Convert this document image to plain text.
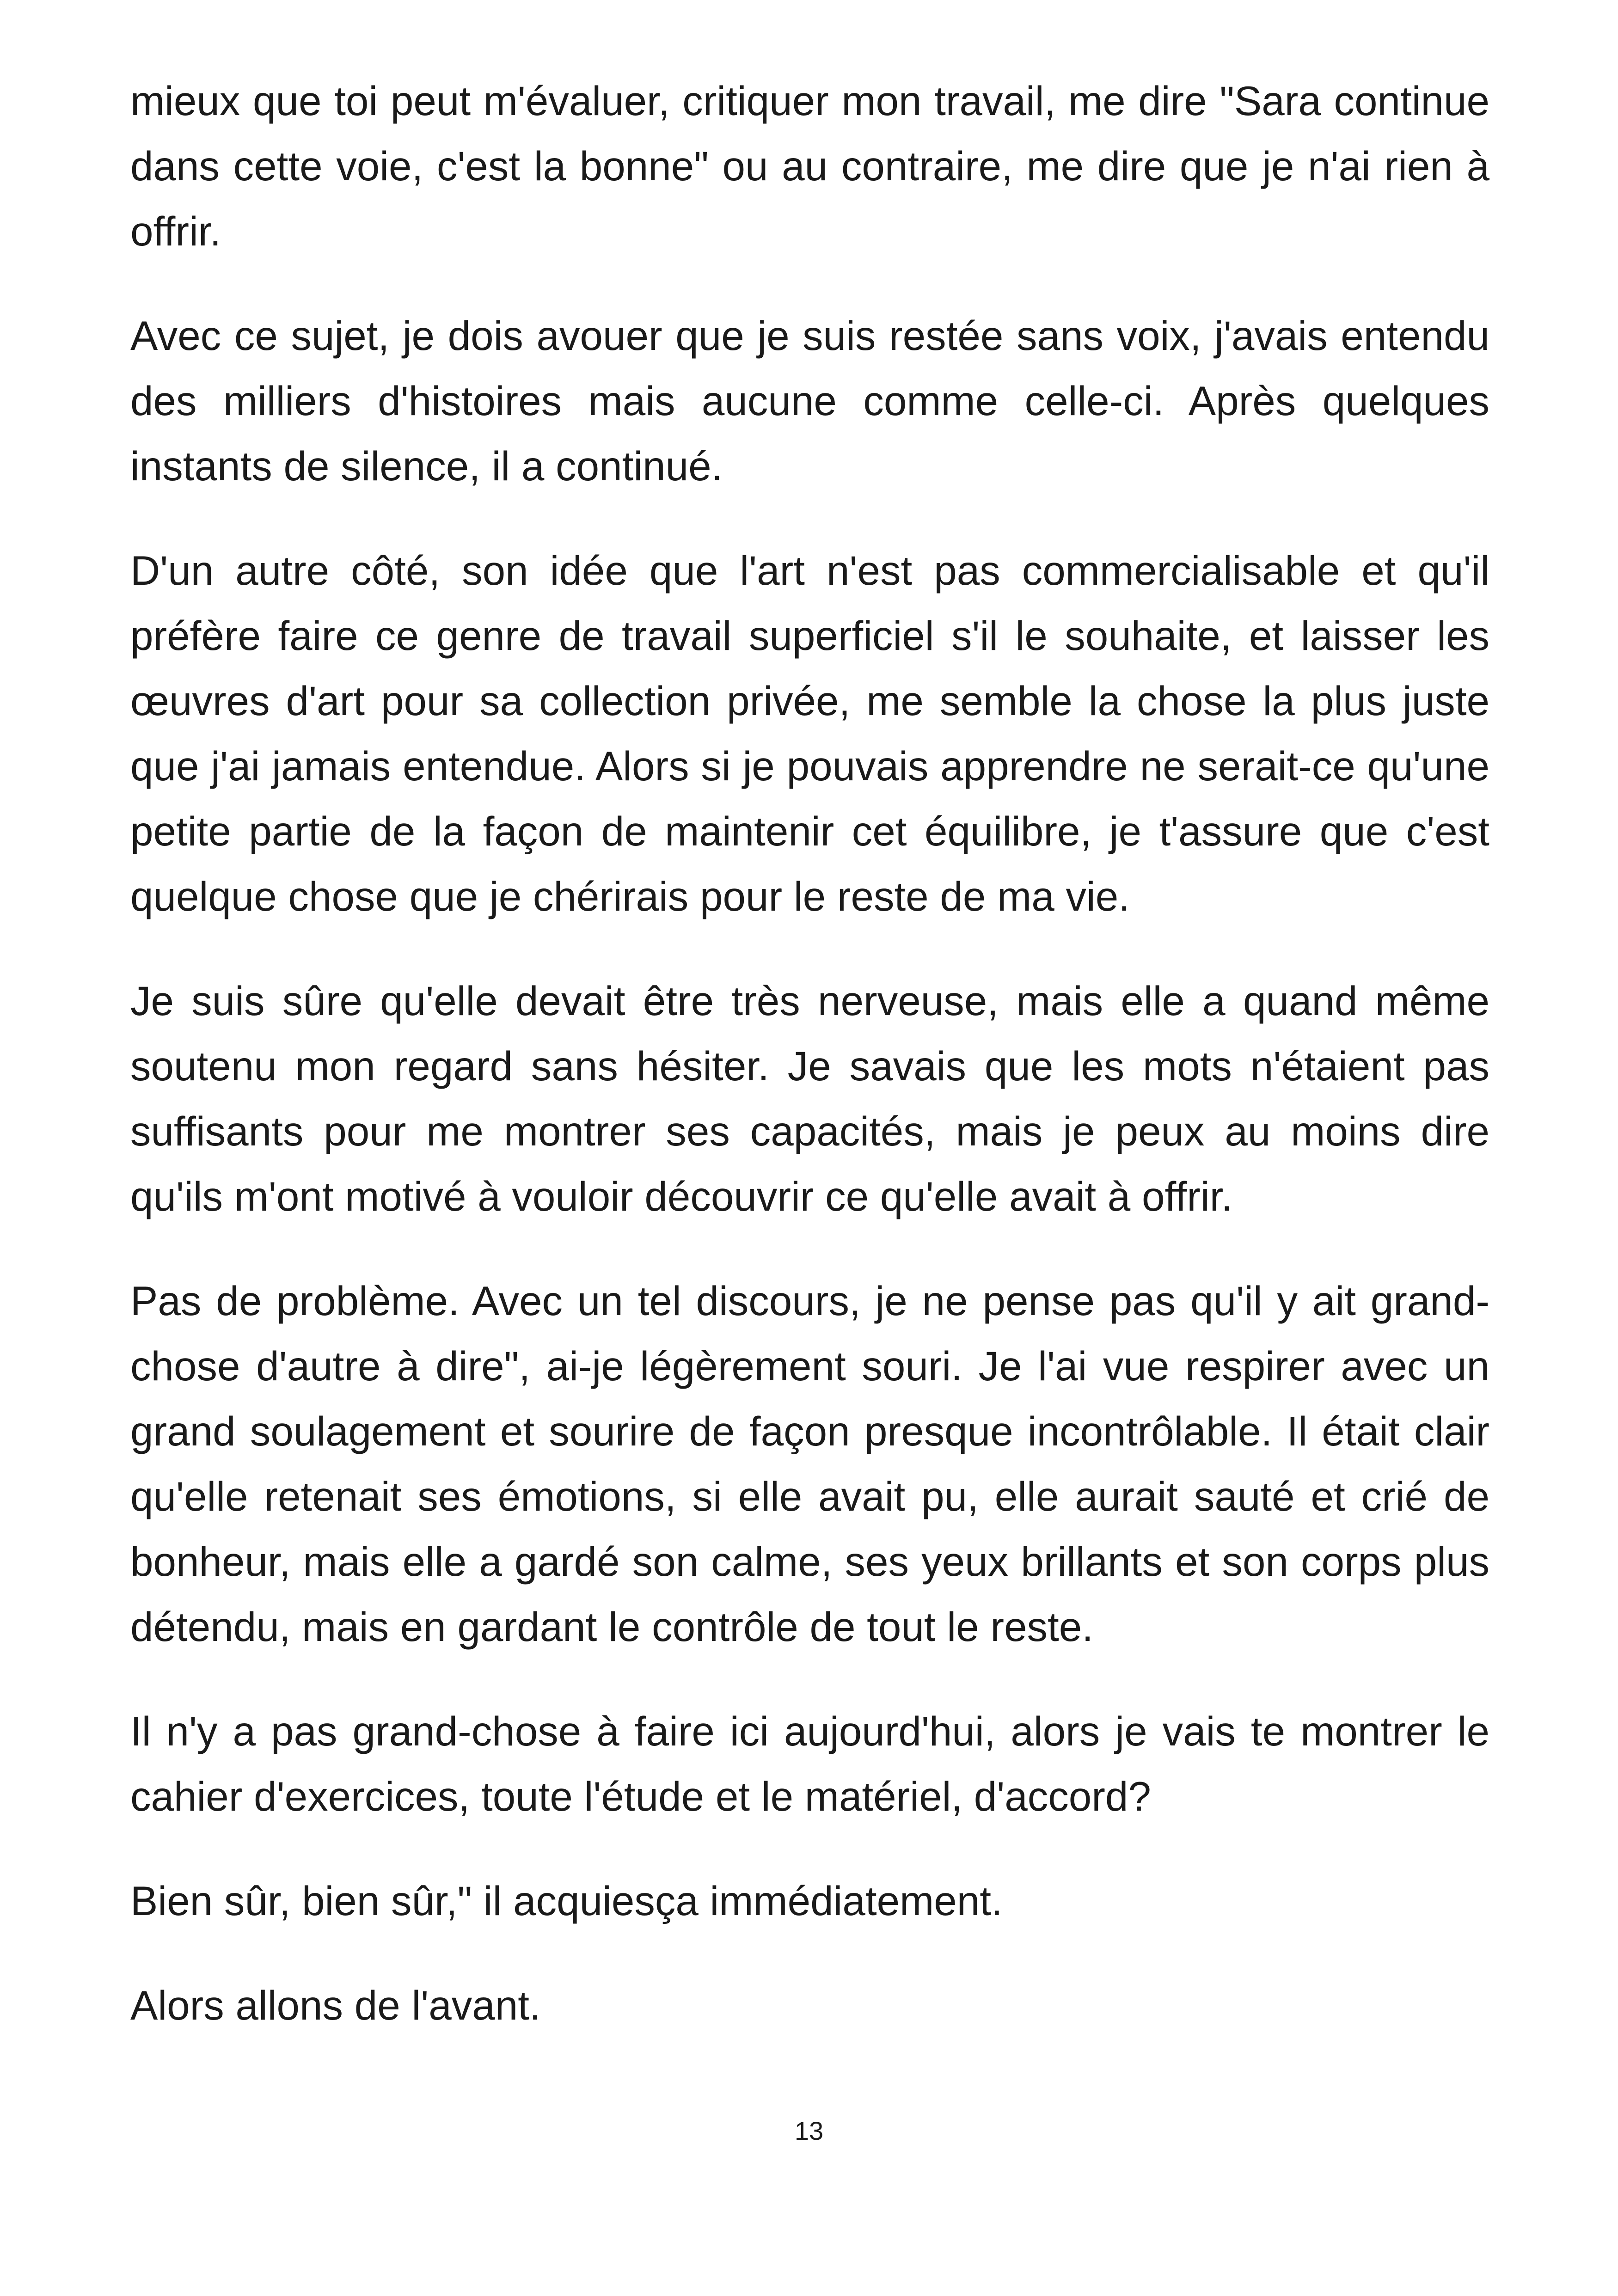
mieux que toi peut m'évaluer, critiquer mon travail, me dire "Sara continue dans cette voie, c'est la bonne" ou au contraire, me dire que je n'ai rien à offrir.

Avec ce sujet, je dois avouer que je suis restée sans voix, j'avais entendu des milliers d'histoires mais aucune comme celle-ci. Après quelques instants de silence, il a continué.

D'un autre côté, son idée que l'art n'est pas commercialisable et qu'il préfère faire ce genre de travail superficiel s'il le souhaite, et laisser les œuvres d'art pour sa collection privée, me semble la chose la plus juste que j'ai jamais entendue. Alors si je pouvais apprendre ne serait-ce qu'une petite partie de la façon de maintenir cet équilibre, je t'assure que c'est quelque chose que je chérirais pour le reste de ma vie.

Je suis sûre qu'elle devait être très nerveuse, mais elle a quand même soutenu mon regard sans hésiter. Je savais que les mots n'étaient pas suffisants pour me montrer ses capacités, mais je peux au moins dire qu'ils m'ont motivé à vouloir découvrir ce qu'elle avait à offrir.

Pas de problème. Avec un tel discours, je ne pense pas qu'il y ait grand-chose d'autre à dire", ai-je légèrement souri. Je l'ai vue respirer avec un grand soulagement et sourire de façon presque incontrôlable. Il était clair qu'elle retenait ses émotions, si elle avait pu, elle aurait sauté et crié de bonheur, mais elle a gardé son calme, ses yeux brillants et son corps plus détendu, mais en gardant le contrôle de tout le reste.

Il n'y a pas grand-chose à faire ici aujourd'hui, alors je vais te montrer le cahier d'exercices, toute l'étude et le matériel, d'accord?

Bien sûr, bien sûr," il acquiesça immédiatement.

Alors allons de l'avant.

13
